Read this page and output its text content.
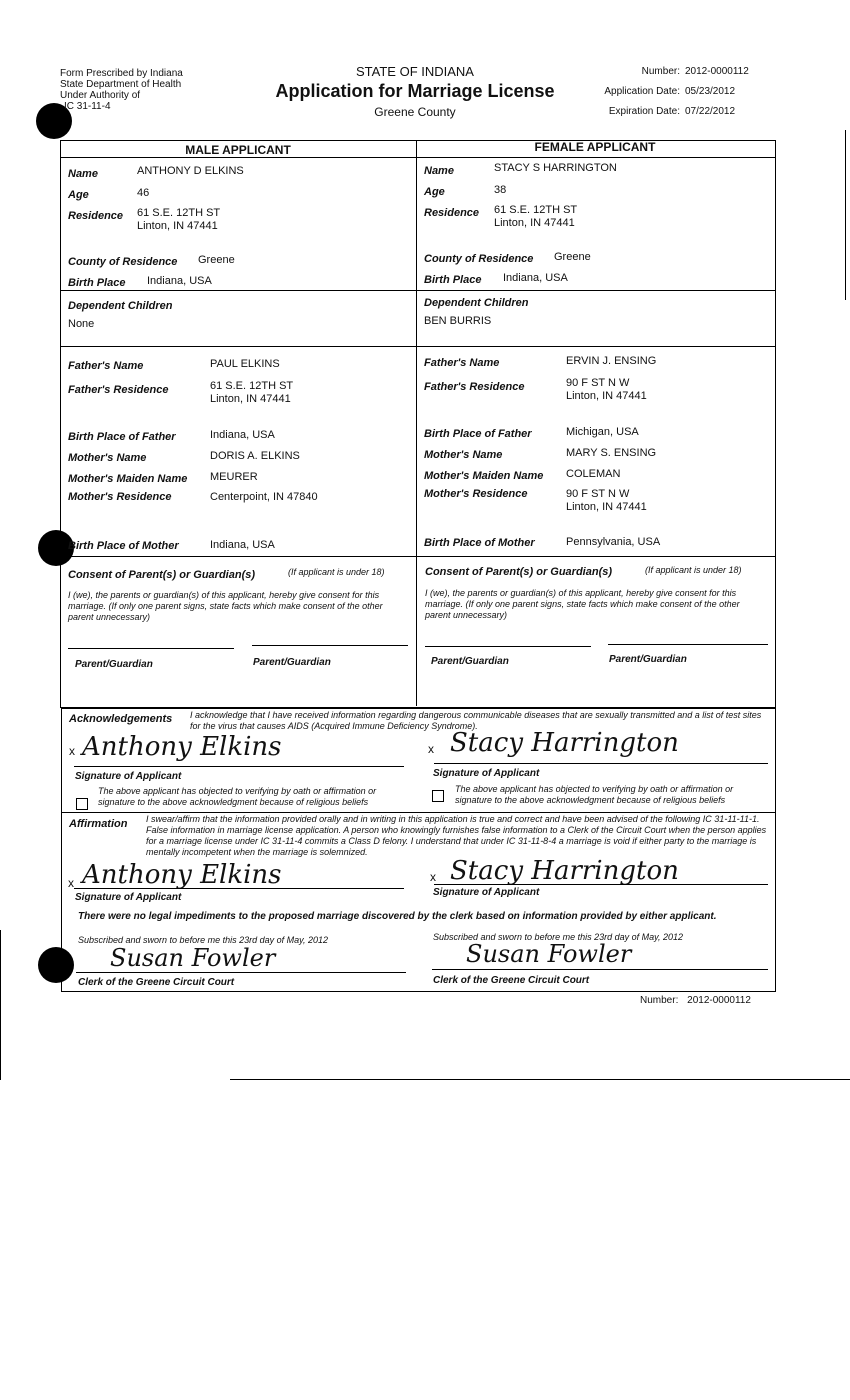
Form Prescribed by Indiana
State Department of Health
Under Authority of
IC 31-11-4
STATE OF INDIANA
Application for Marriage License
Greene County
Number: 2012-0000112
Application Date: 05/23/2012
Expiration Date: 07/22/2012
MALE APPLICANT	FEMALE APPLICANT
Name	ANTHONY D ELKINS
Age	46
Residence 61 S.E. 12TH ST
Linton, IN 47441
County of Residence Greene
Birth Place Indiana, USA
Dependent Children
None
Father's Name	PAUL ELKINS
Father's Residence	61 S.E. 12TH ST
Linton, IN 47441
Birth Place of Father	Indiana, USA
Mother's Name	DORIS A. ELKINS
Mother's Maiden Name MEURER
Mother's Residence	Centerpoint, IN 47840
Birth Place of Mother	Indiana, USA
Name	STACY S HARRINGTON
Age	38
Residence 61 S.E. 12TH ST
Linton, IN 47441
County of Residence Greene
Birth Place Indiana, USA
Dependent Children
BEN BURRIS
Father's Name	ERVIN J. ENSING
Father's Residence	90 F ST N W
Linton, IN 47441
Birth Place of Father	Michigan, USA
Mother's Name	MARY S. ENSING
Mother's Maiden Name COLEMAN
Mother's Residence	90 F ST N W
Linton, IN 47441
Birth Place of Mother	Pennsylvania, USA
Consent of Parent(s) or Guardian(s)	(If applicant is under 18)
I (we), the parents or guardian(s) of this applicant, hereby give consent for this marriage. (If only one parent signs, state facts which make consent of the other parent unnecessary)
Parent/Guardian	Parent/Guardian
Consent of Parent(s) or Guardian(s)	(If applicant is under 18)
I (we), the parents or guardian(s) of this applicant, hereby give consent for this marriage. (If only one parent signs, state facts which make consent of the other parent unnecessary)
Parent/Guardian	Parent/Guardian
Acknowledgements I acknowledge that I have received information regarding dangerous communicable diseases that are sexually transmitted and a list of test sites for the virus that causes AIDS (Acquired Immune Deficiency Syndrome).
x Anthony Elkins
Signature of Applicant
The above applicant has objected to verifying by oath or affirmation or signature to the above acknowledgment because of religious beliefs
x Stacy Harrington
Signature of Applicant
The above applicant has objected to verifying by oath or affirmation or signature to the above acknowledgment because of religious beliefs
Affirmation I swear/affirm that the information provided orally and in writing in this application is true and correct and have been advised of the following IC 31-11-11-1. False information in marriage license application. A person who knowingly furnishes false information to a Clerk of the Circuit Court when the person applies for a marriage license under IC 31-11-4 commits a Class D felony. I understand that under IC 31-11-8-4 a marriage is void if either party to the marriage is mentally incompetent when the marriage is solemnized.
x Anthony Elkins
Signature of Applicant
x Stacy Harrington
Signature of Applicant
There were no legal impediments to the proposed marriage discovered by the clerk based on information provided by either applicant.
Subscribed and sworn to before me this 23rd day of May, 2012
Susan Fowler
Clerk of the Greene Circuit Court
Subscribed and sworn to before me this 23rd day of May, 2012
Susan Fowler
Clerk of the Greene Circuit Court
Number: 2012-0000112
